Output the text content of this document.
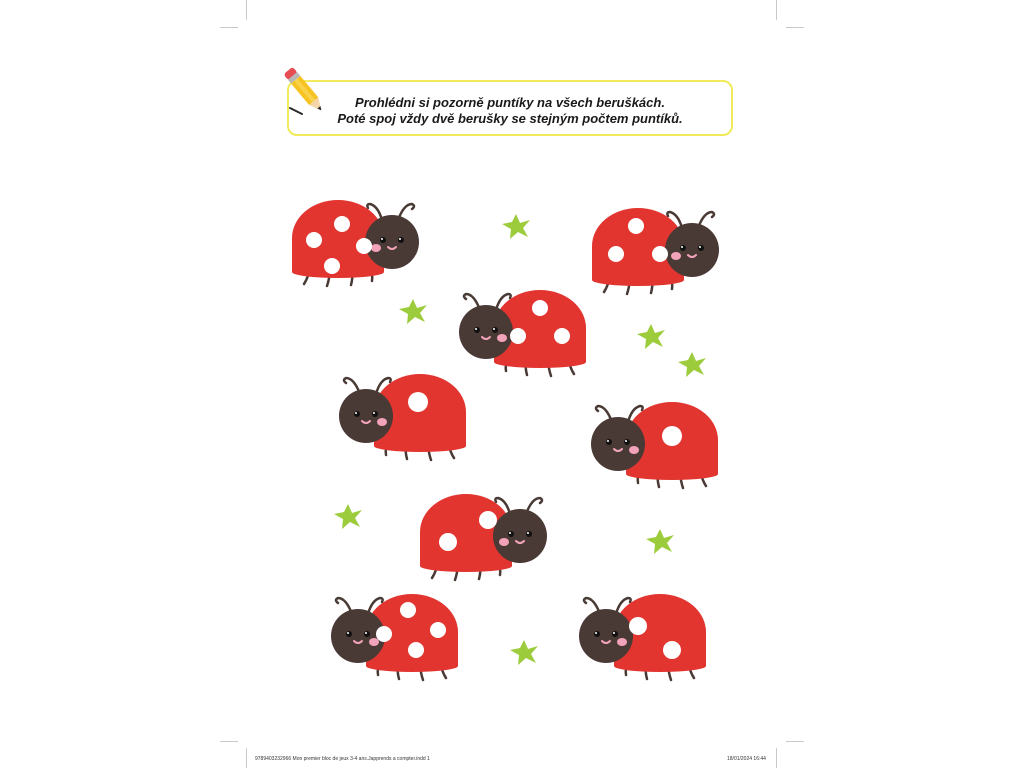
Prohlédni si pozorně puntíky na všech beruškách.
Poté spoj vždy dvě berušky se stejným počtem puntíků.
9789403232966 Mon premier bloc de jeux 3-4 ans.Japprends a compter.indd 1	18/01/2024 16:44
